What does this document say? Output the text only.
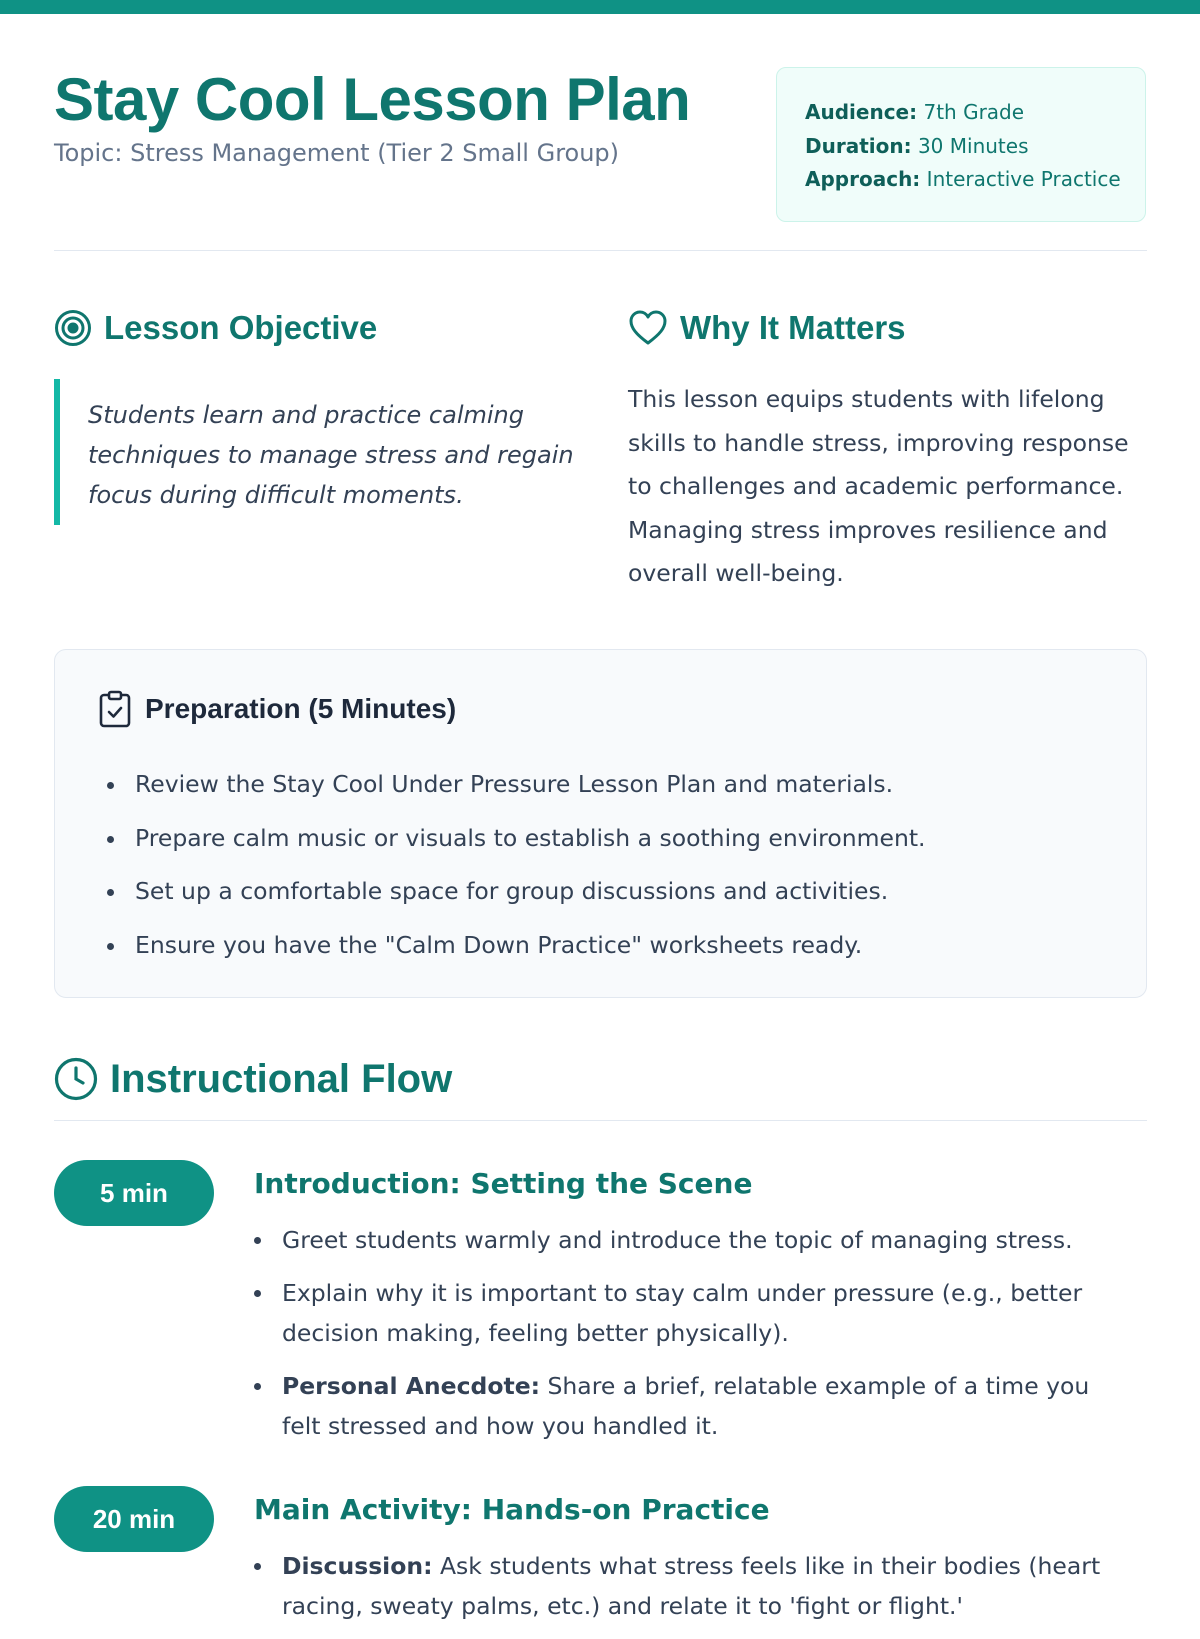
Stay Cool Lesson Plan
Topic: Stress Management (Tier 2 Small Group)
Audience: 7th Grade
Duration: 30 Minutes
Approach: Interactive Practice
Lesson Objective
Students learn and practice calming techniques to manage stress and regain focus during difficult moments.
Why It Matters

This lesson equips students with lifelong skills to handle stress, improving response to challenges and academic performance. Managing stress improves resilience and overall well-being.

Preparation (5 Minutes)
Review the Stay Cool Under Pressure Lesson Plan and materials.
Prepare calm music or visuals to establish a soothing environment.
Set up a comfortable space for group discussions and activities.
Ensure you have the "Calm Down Practice" worksheets ready.
Instructional Flow
5 min	Introduction: Setting the Scene
Greet students warmly and introduce the topic of managing stress.
Explain why it is important to stay calm under pressure (e.g., better decision making, feeling better physically).
Personal Anecdote: Share a brief, relatable example of a time you felt stressed and how you handled it.
20 min	Main Activity: Hands-on Practice
Discussion: Ask students what stress feels like in their bodies (heart racing, sweaty palms, etc.) and relate it to 'fight or flight.'
